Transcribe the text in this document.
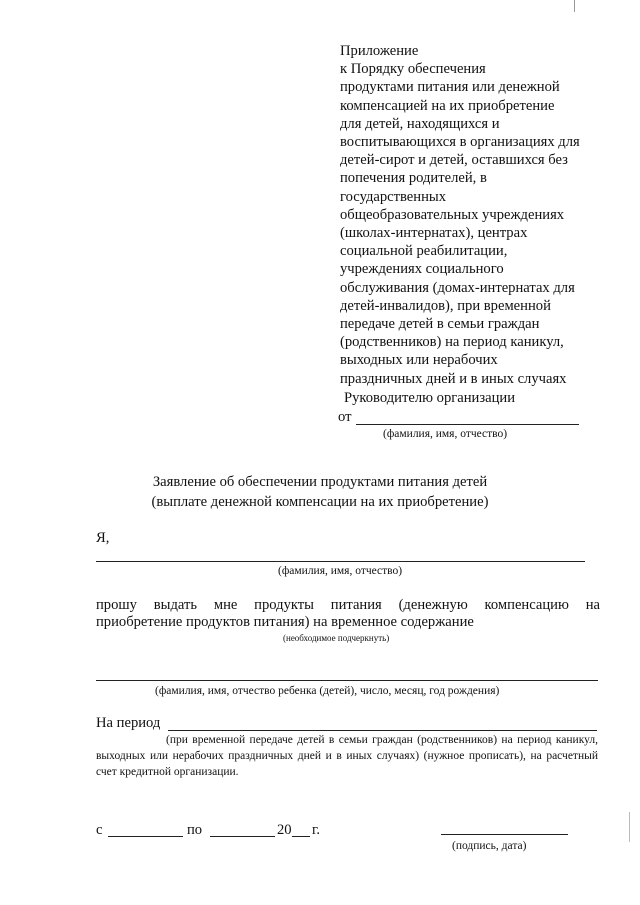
Приложение
к Порядку обеспечения
продуктами питания или денежной
компенсацией на их приобретение
для детей, находящихся и
воспитывающихся в организациях для
детей-сирот и детей, оставшихся без
попечения родителей, в
государственных
общеобразовательных учреждениях
(школах-интернатах), центрах
социальной реабилитации,
учреждениях социального
обслуживания (домах-интернатах для
детей-инвалидов), при временной
передаче детей в семьи граждан
(родственников) на период каникул,
выходных или нерабочих
праздничных дней и в иных случаях
Руководителю организации
от
(фамилия, имя, отчество)
Заявление об обеспечении продуктами питания детей
(выплате денежной компенсации на их приобретение)
Я,
(фамилия, имя, отчество)
прошу выдать мне продукты питания (денежную компенсацию на
приобретение продуктов питания) на временное содержание
(необходимое подчеркнуть)
(фамилия, имя, отчество ребенка (детей), число, месяц, год рождения)
На период
(при временной передаче детей в семьи граждан (родственников) на период каникул, выходных или нерабочих праздничных дней и в иных случаях) (нужное прописать), на расчетный счет кредитной организации.
с	по	20 г.
(подпись, дата)
